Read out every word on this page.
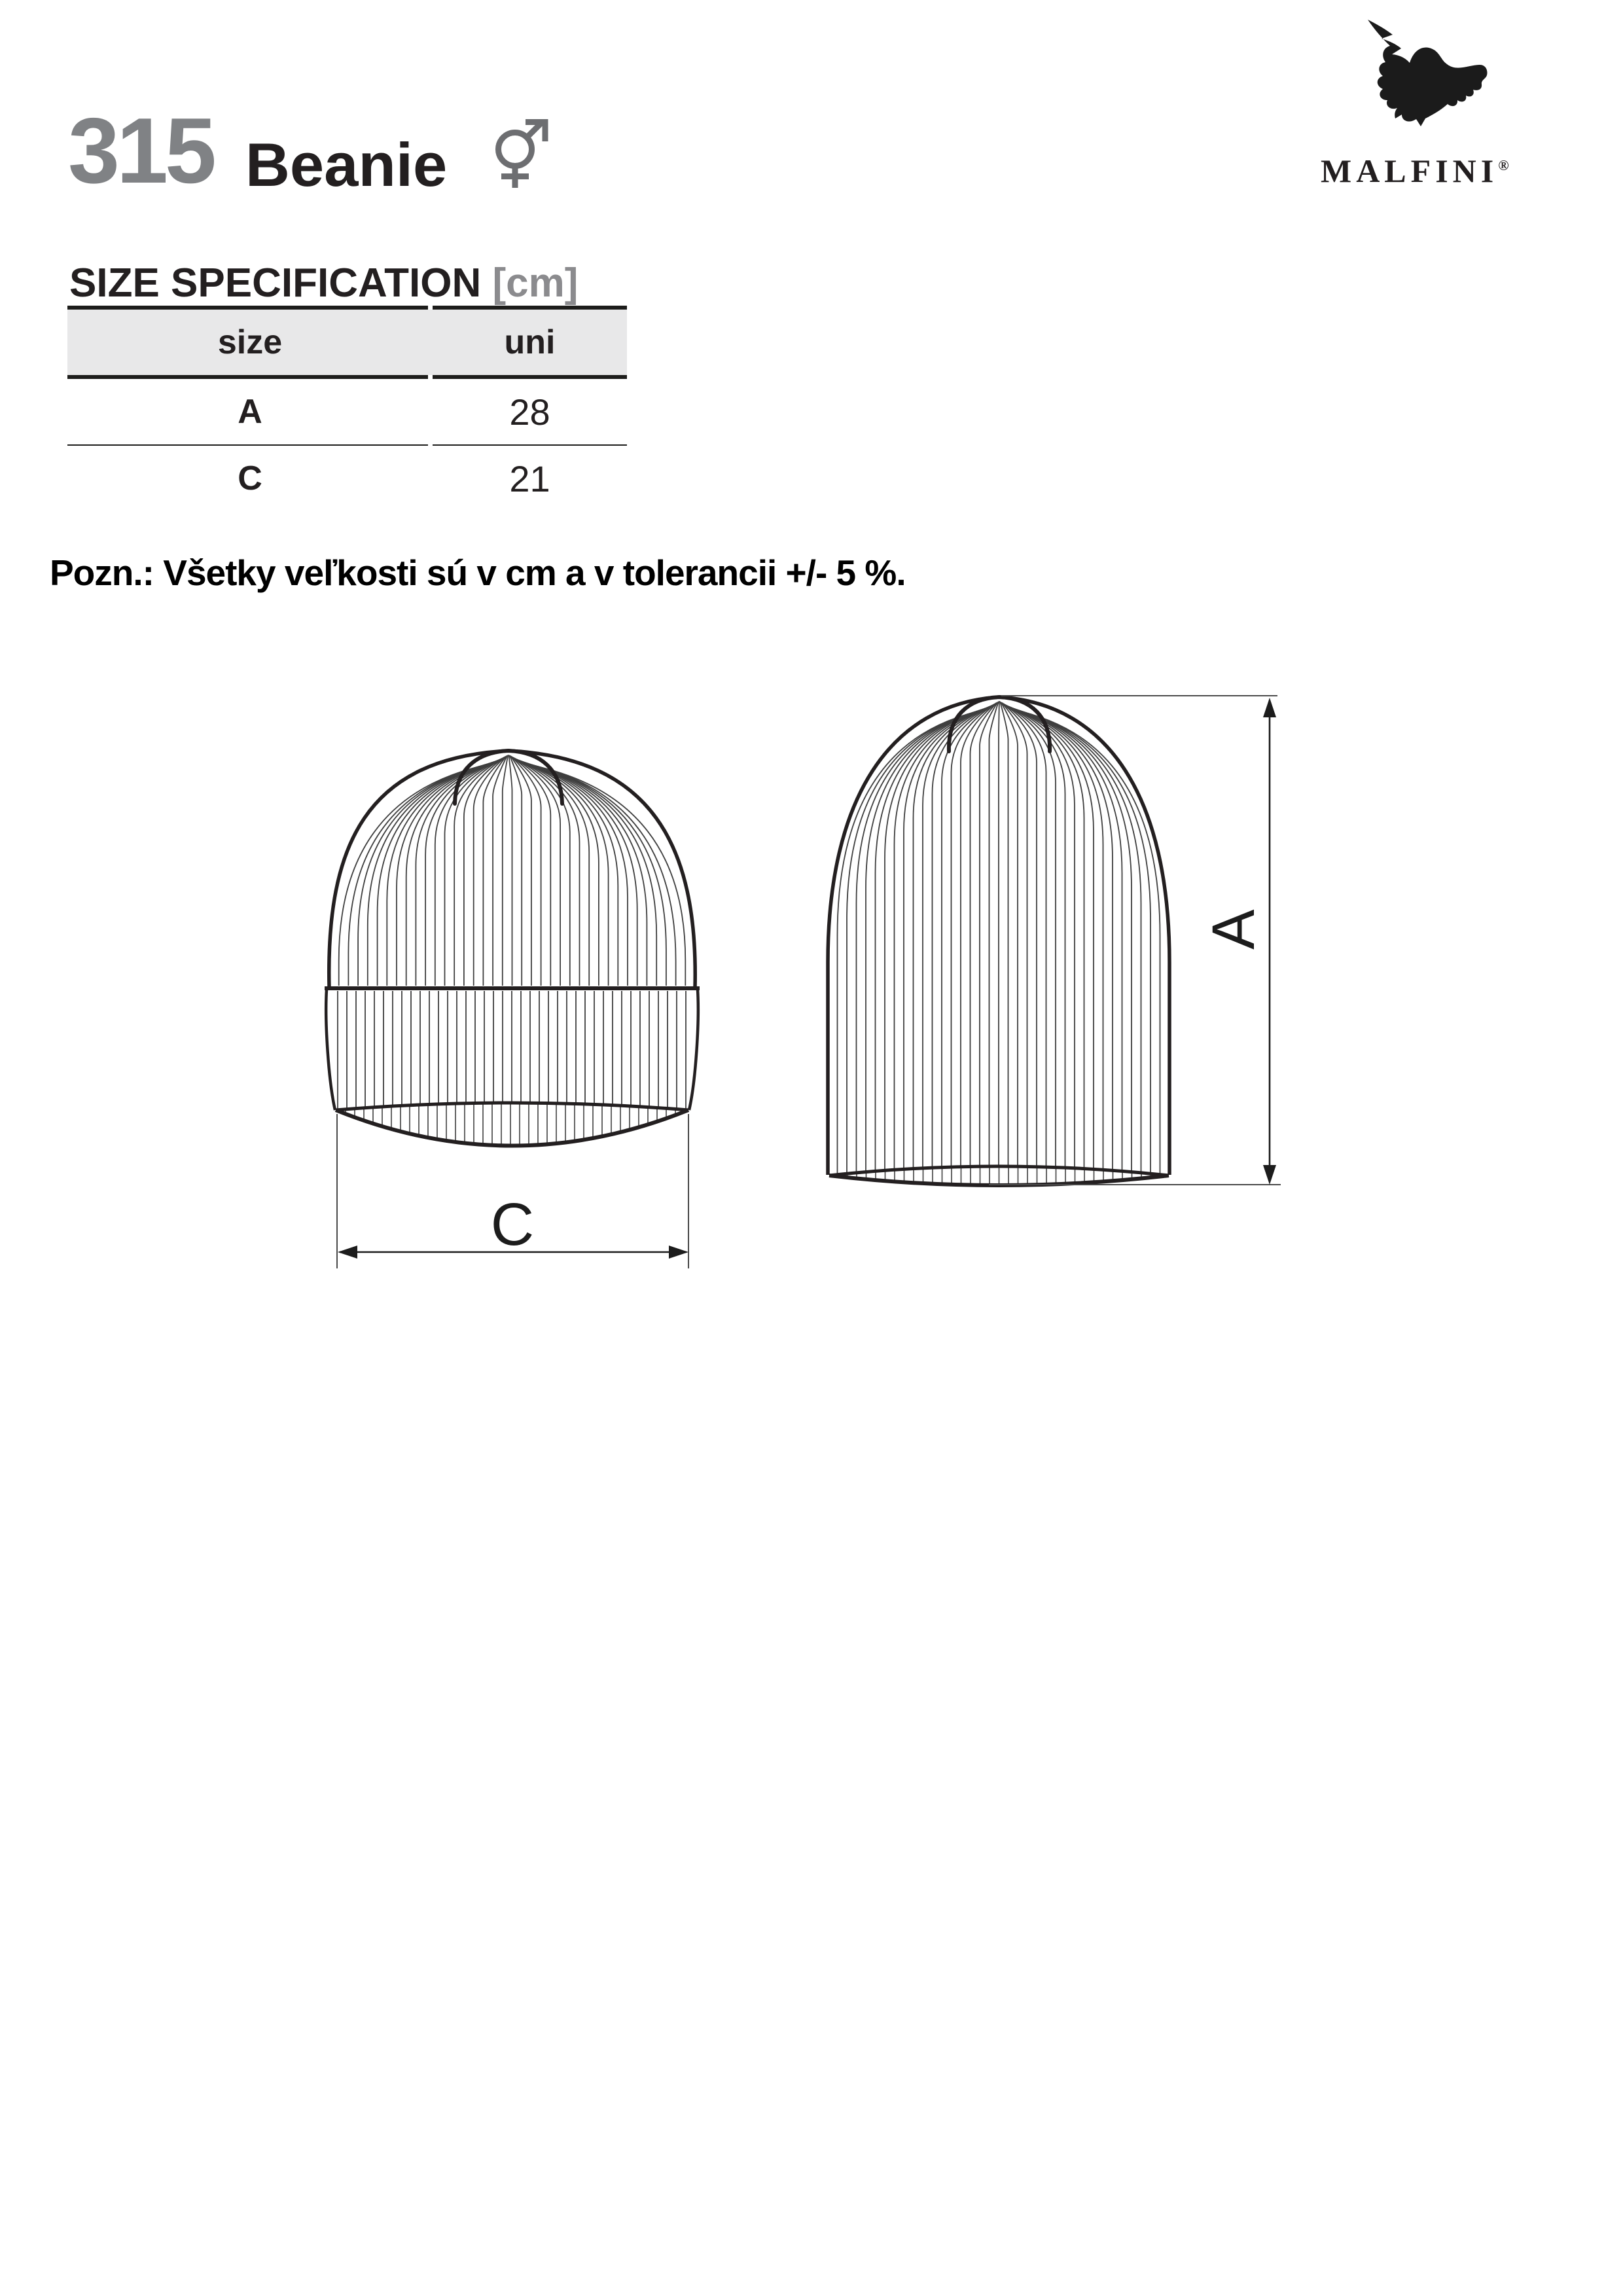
315 Beanie	MALFINI®
SIZE SPECIFICATION [cm]
size	uni
A	28
C	21
Pozn.: Všetky veľkosti sú v cm a v tolerancii +/- 5 %.
C
A
